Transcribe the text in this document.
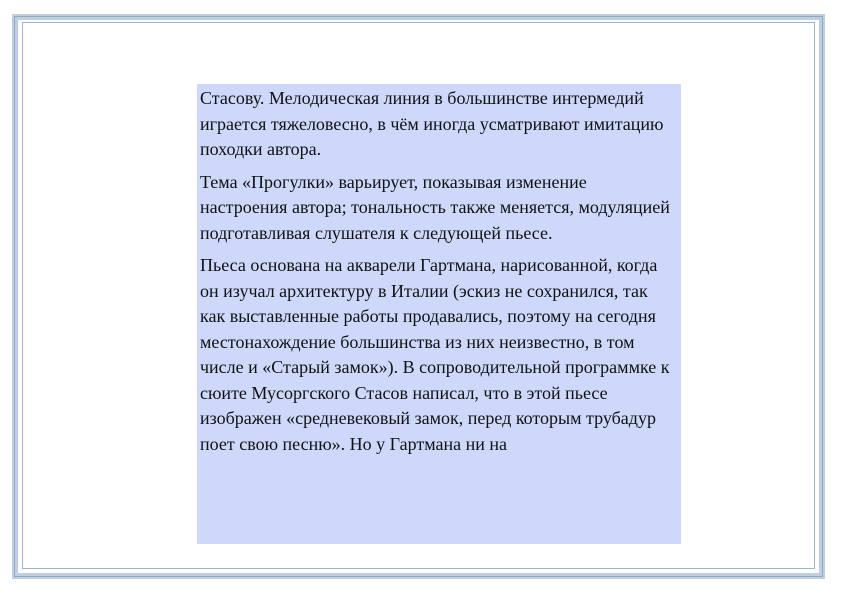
Стасову. Мелодическая линия в большинстве интермедий играется тяжеловесно, в чём иногда усматривают имитацию походки автора.

Тема «Прогулки» варьирует, показывая изменение настроения автора; тональность также меняется, модуляцией подготавливая слушателя к следующей пьесе.

Пьеса основана на акварели Гартмана, нарисованной, когда он изучал архитектуру в Италии (эскиз не сохранился, так как выставленные работы продавались, поэтому на сегодня местонахождение большинства из них неизвестно, в том числе и «Старый замок»). В сопроводительной программке к сюите Мусоргского Стасов написал, что в этой пьесе изображен «средневековый замок, перед которым трубадур поет свою песню». Но у Гартмана ни на
